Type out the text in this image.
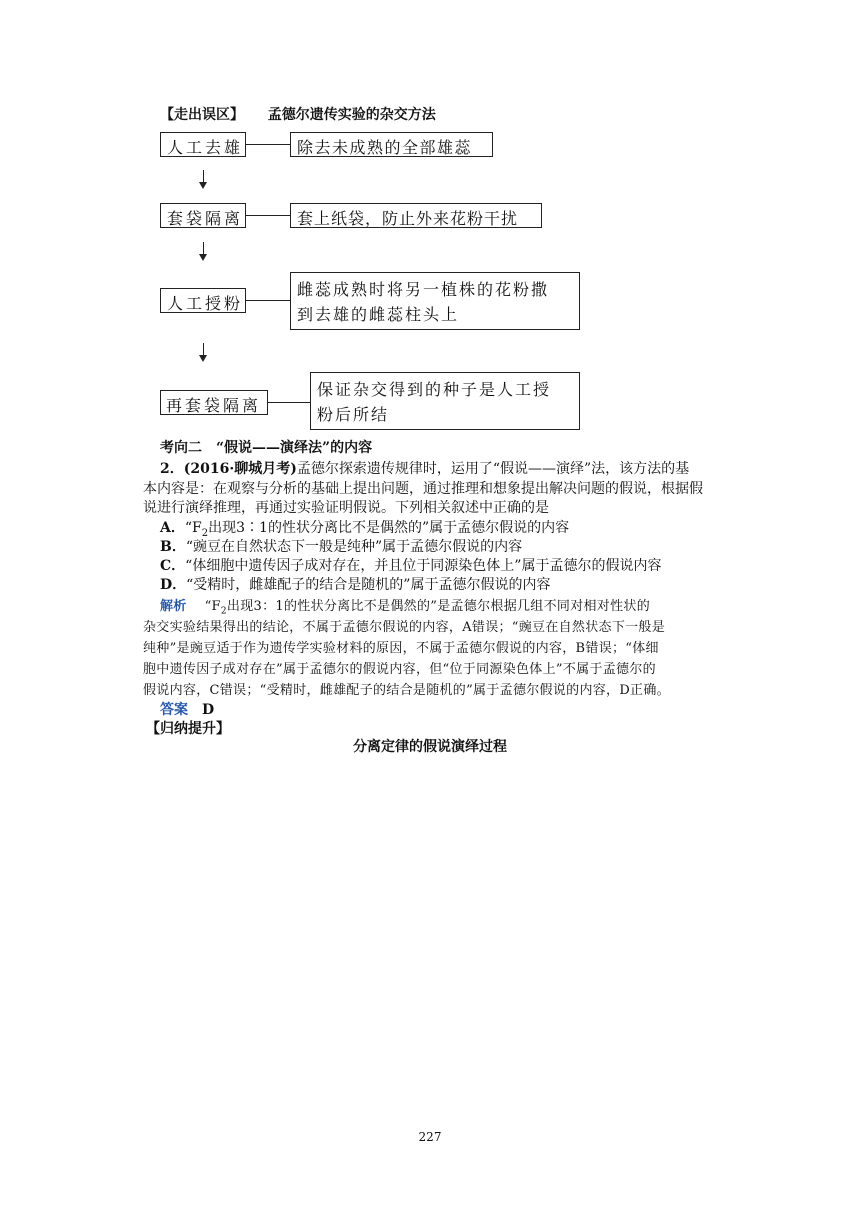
【走出误区】 孟德尔遗传实验的杂交方法
人工去雄	除去未成熟的全部雄蕊
套袋隔离	套上纸袋，防止外来花粉干扰
人工授粉
雌蕊成熟时将另一植株的花粉撒
到去雄的雌蕊柱头上
再套袋隔离
保证杂交得到的种子是人工授
粉后所结
考向二　“假说——演绎法”的内容
2．(2016·聊城月考)孟德尔探索遗传规律时，运用了“假说——演绎”法，该方法的基
本内容是：在观察与分析的基础上提出问题，通过推理和想象提出解决问题的假说，根据假
说进行演绎推理，再通过实验证明假说。下列相关叙述中正确的是
A．“$F_2$出现3∶1的性状分离比不是偶然的”属于孟德尔假说的内容
B．“豌豆在自然状态下一般是纯种”属于孟德尔假说的内容
C．“体细胞中遗传因子成对存在，并且位于同源染色体上”属于孟德尔的假说内容
D．“受精时，雌雄配子的结合是随机的”属于孟德尔假说的内容
解析 “$F_2$出现3：1的性状分离比不是偶然的”是孟德尔根据几组不同对相对性状的
杂交实验结果得出的结论，不属于孟德尔假说的内容，A错误；“豌豆在自然状态下一般是
纯种”是豌豆适于作为遗传学实验材料的原因，不属于孟德尔假说的内容，B错误；“体细
胞中遗传因子成对存在”属于孟德尔的假说内容，但“位于同源染色体上”不属于孟德尔的
假说内容，C错误；“受精时，雌雄配子的结合是随机的”属于孟德尔假说的内容，D正确。
答案 D
【归纳提升】
分离定律的假说演绎过程
227
